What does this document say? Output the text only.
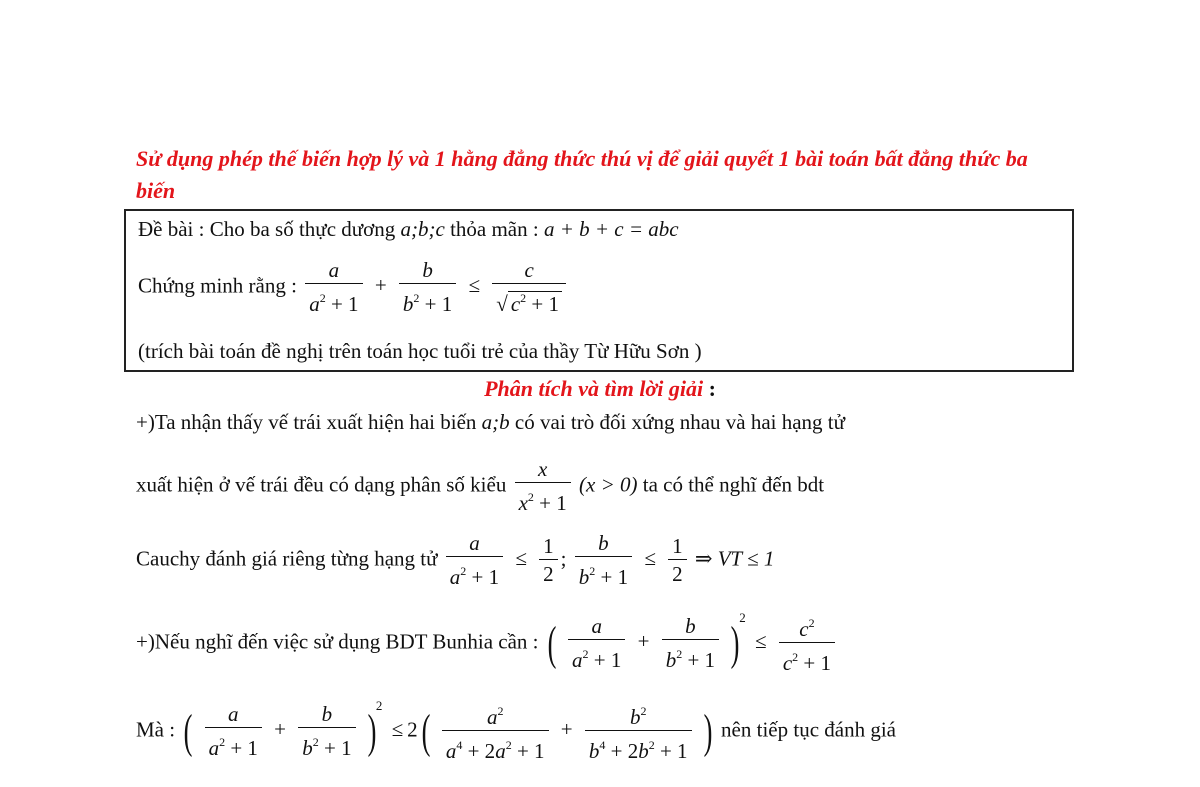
Sử dụng phép thế biến hợp lý và 1 hằng đẳng thức thú vị để giải quyết 1 bài toán bất đẳng thức ba biến
Đề bài : Cho ba số thực dương a;b;c thỏa mãn : a + b + c = abc
Chứng minh rằng : $\frac{a}{a^2 + 1} + \frac{b}{b^2 + 1} \le \frac{c}{√ c^2 + 1}$
(trích bài toán đề nghị trên toán học tuổi trẻ của thầy Từ Hữu Sơn )
Phân tích và tìm lời giải :
+)Ta nhận thấy vế trái xuất hiện hai biến a;b có vai trò đối xứng nhau và hai hạng tử
xuất hiện ở vế trái đều có dạng phân số kiểu $\frac{x}{x^2 + 1} (x > 0)$ ta có thể nghĩ đến bdt
Cauchy đánh giá riêng từng hạng tử $\frac{a}{a^2 + 1} \le \frac{1}{2}$ ; $\frac{b}{b^2 + 1} \le \frac{1}{2}$ ⇒ VT ≤ 1
+)Nếu nghĩ đến việc sử dụng BDT Bunhia cần : ( $\frac{a}{a^2 + 1} + \frac{b}{b^2 + 1} )^2 \le \frac{c^2}{c^2 + 1}$
Mà : ( $\frac{a}{a^2 + 1} + \frac{b}{b^2 + 1} )^2 \le 2( \frac{a^2}{a^4 + 2a^2 + 1} + \frac{b^2}{b^4 + 2b^2 + 1}$ ) nên tiếp tục đánh giá
